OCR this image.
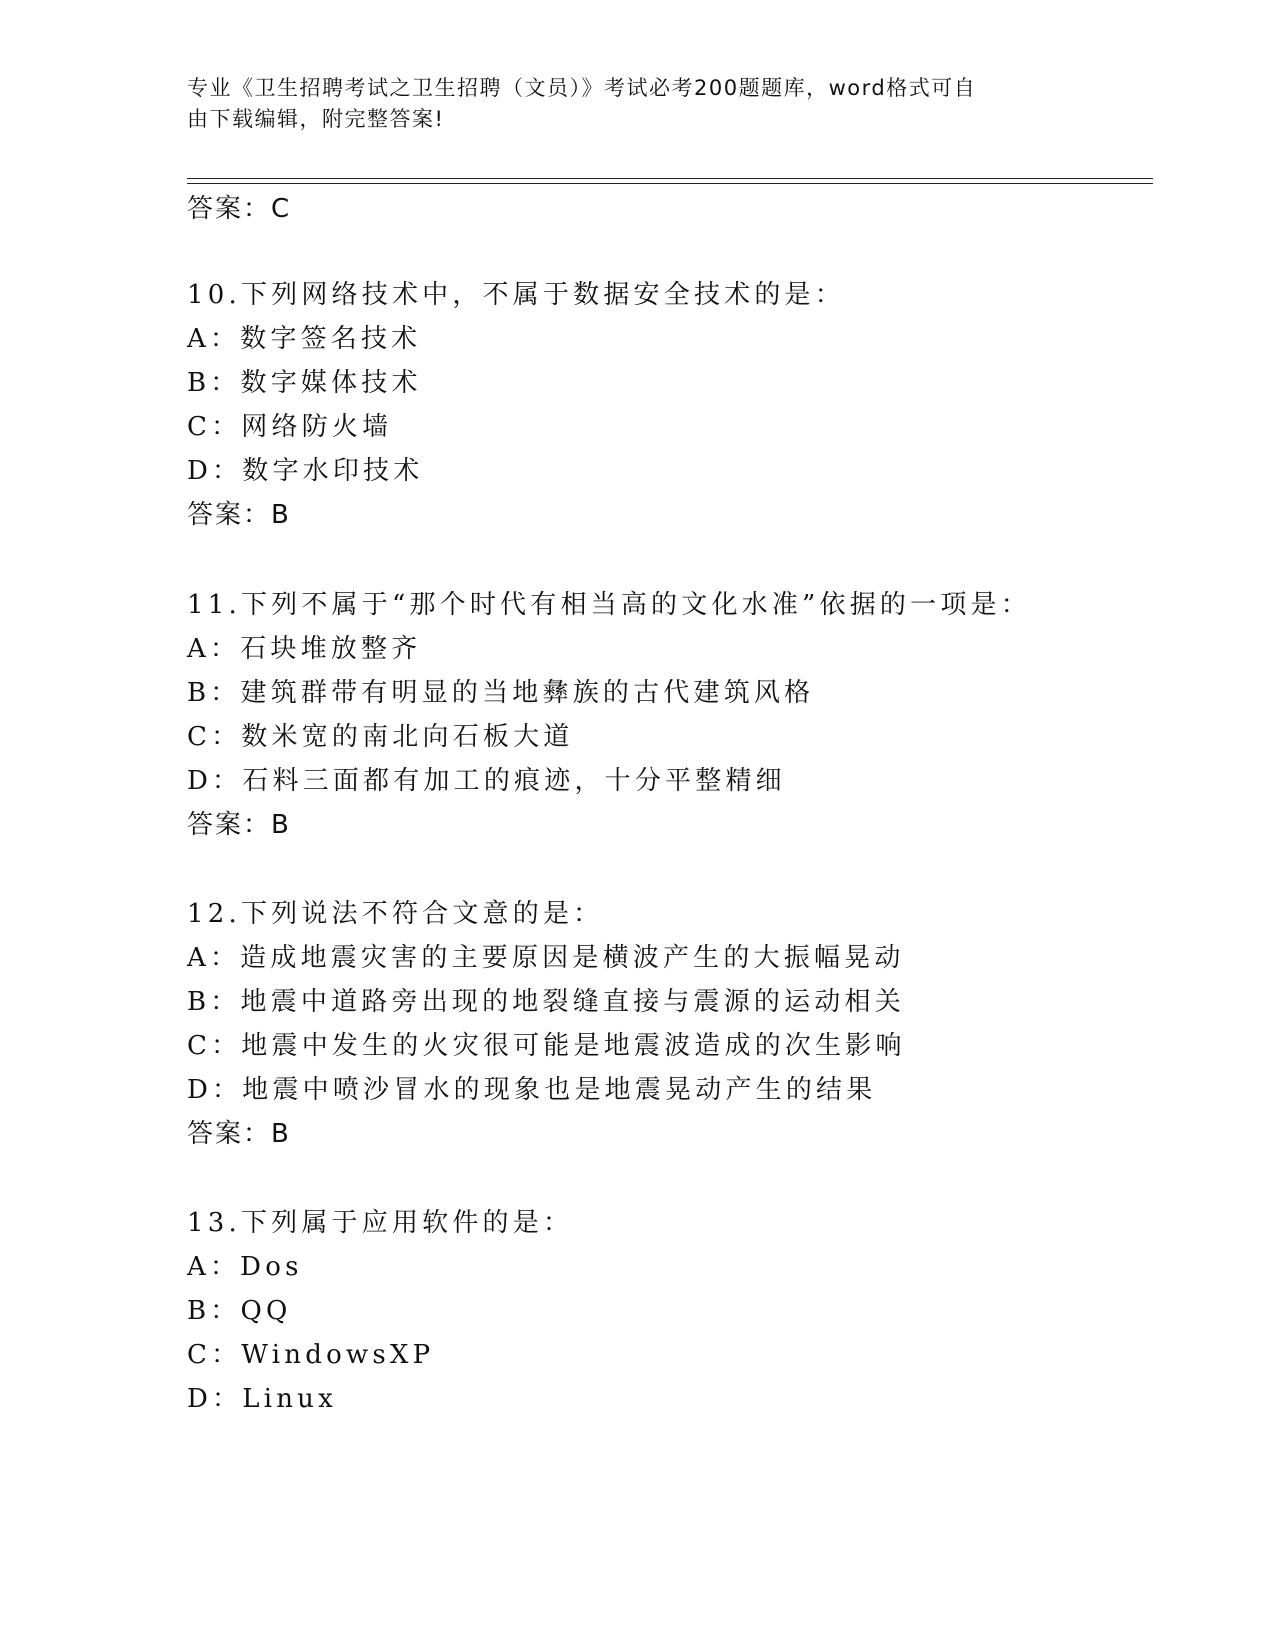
专业《卫生招聘考试之卫生招聘（文员）》考试必考200题题库，word格式可自
由下载编辑，附完整答案!
答案：C
10.下列网络技术中，不属于数据安全技术的是：
A：数字签名技术
B：数字媒体技术
C：网络防火墙
D：数字水印技术
答案：B
11.下列不属于“那个时代有相当高的文化水准”依据的一项是：
A：石块堆放整齐
B：建筑群带有明显的当地彝族的古代建筑风格
C：数米宽的南北向石板大道
D：石料三面都有加工的痕迹，十分平整精细
答案：B
12.下列说法不符合文意的是：
A：造成地震灾害的主要原因是横波产生的大振幅晃动
B：地震中道路旁出现的地裂缝直接与震源的运动相关
C：地震中发生的火灾很可能是地震波造成的次生影响
D：地震中喷沙冒水的现象也是地震晃动产生的结果
答案：B
13.下列属于应用软件的是：
A：Dos
B：QQ
C：WindowsXP
D：Linux
